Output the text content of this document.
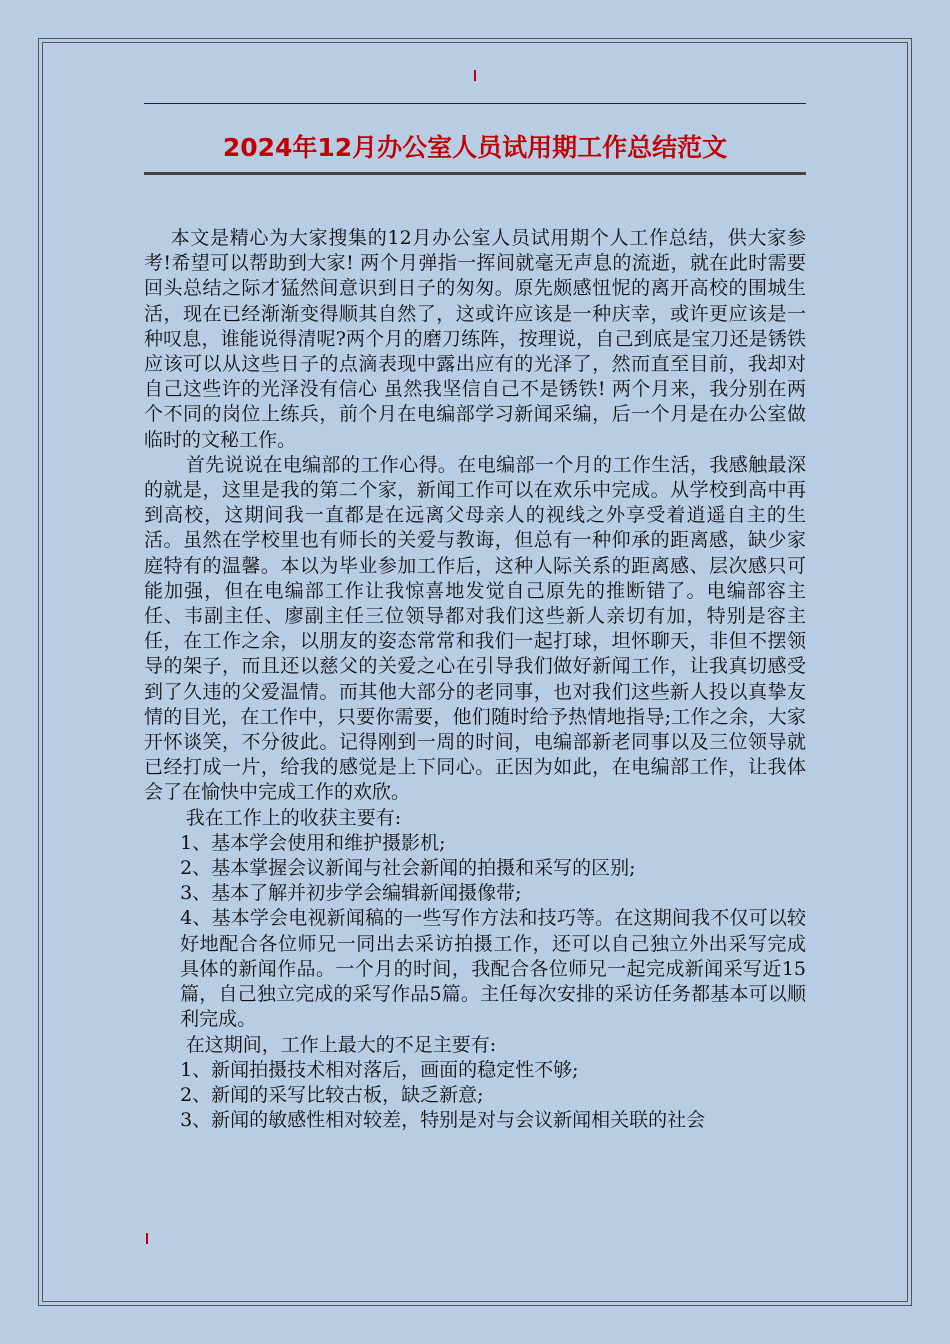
2024年12月办公室人员试用期工作总结范文

本文是精心为大家搜集的12月办公室人员试用期个人工作总结，供大家参考!希望可以帮助到大家! 两个月弹指一挥间就毫无声息的流逝，就在此时需要回头总结之际才猛然间意识到日子的匆匆。原先颇感忸怩的离开高校的围城生活，现在已经渐渐变得顺其自然了，这或许应该是一种庆幸，或许更应该是一种叹息，谁能说得清呢?两个月的磨刀练阵，按理说，自己到底是宝刀还是锈铁应该可以从这些日子的点滴表现中露出应有的光泽了，然而直至目前，我却对自己这些许的光泽没有信心 虽然我坚信自己不是锈铁! 两个月来，我分别在两个不同的岗位上练兵，前个月在电编部学习新闻采编，后一个月是在办公室做临时的文秘工作。

首先说说在电编部的工作心得。在电编部一个月的工作生活，我感触最深的就是，这里是我的第二个家，新闻工作可以在欢乐中完成。从学校到高中再到高校，这期间我一直都是在远离父母亲人的视线之外享受着逍遥自主的生活。虽然在学校里也有师长的关爱与教诲，但总有一种仰承的距离感，缺少家庭特有的温馨。本以为毕业参加工作后，这种人际关系的距离感、层次感只可能加强，但在电编部工作让我惊喜地发觉自己原先的推断错了。电编部容主任、韦副主任、廖副主任三位领导都对我们这些新人亲切有加，特别是容主任，在工作之余，以朋友的姿态常常和我们一起打球，坦怀聊天，非但不摆领导的架子，而且还以慈父的关爱之心在引导我们做好新闻工作，让我真切感受到了久违的父爱温情。而其他大部分的老同事，也对我们这些新人投以真挚友情的目光，在工作中，只要你需要，他们随时给予热情地指导;工作之余，大家开怀谈笑，不分彼此。记得刚到一周的时间，电编部新老同事以及三位领导就已经打成一片，给我的感觉是上下同心。正因为如此，在电编部工作，让我体会了在愉快中完成工作的欢欣。

我在工作上的收获主要有:

1、基本学会使用和维护摄影机;

2、基本掌握会议新闻与社会新闻的拍摄和采写的区别;

3、基本了解并初步学会编辑新闻摄像带;

4、基本学会电视新闻稿的一些写作方法和技巧等。在这期间我不仅可以较好地配合各位师兄一同出去采访拍摄工作，还可以自己独立外出采写完成具体的新闻作品。一个月的时间，我配合各位师兄一起完成新闻采写近15篇，自己独立完成的采写作品5篇。主任每次安排的采访任务都基本可以顺利完成。

在这期间，工作上最大的不足主要有:

1、新闻拍摄技术相对落后，画面的稳定性不够;

2、新闻的采写比较古板，缺乏新意;

3、新闻的敏感性相对较差，特别是对与会议新闻相关联的社会
